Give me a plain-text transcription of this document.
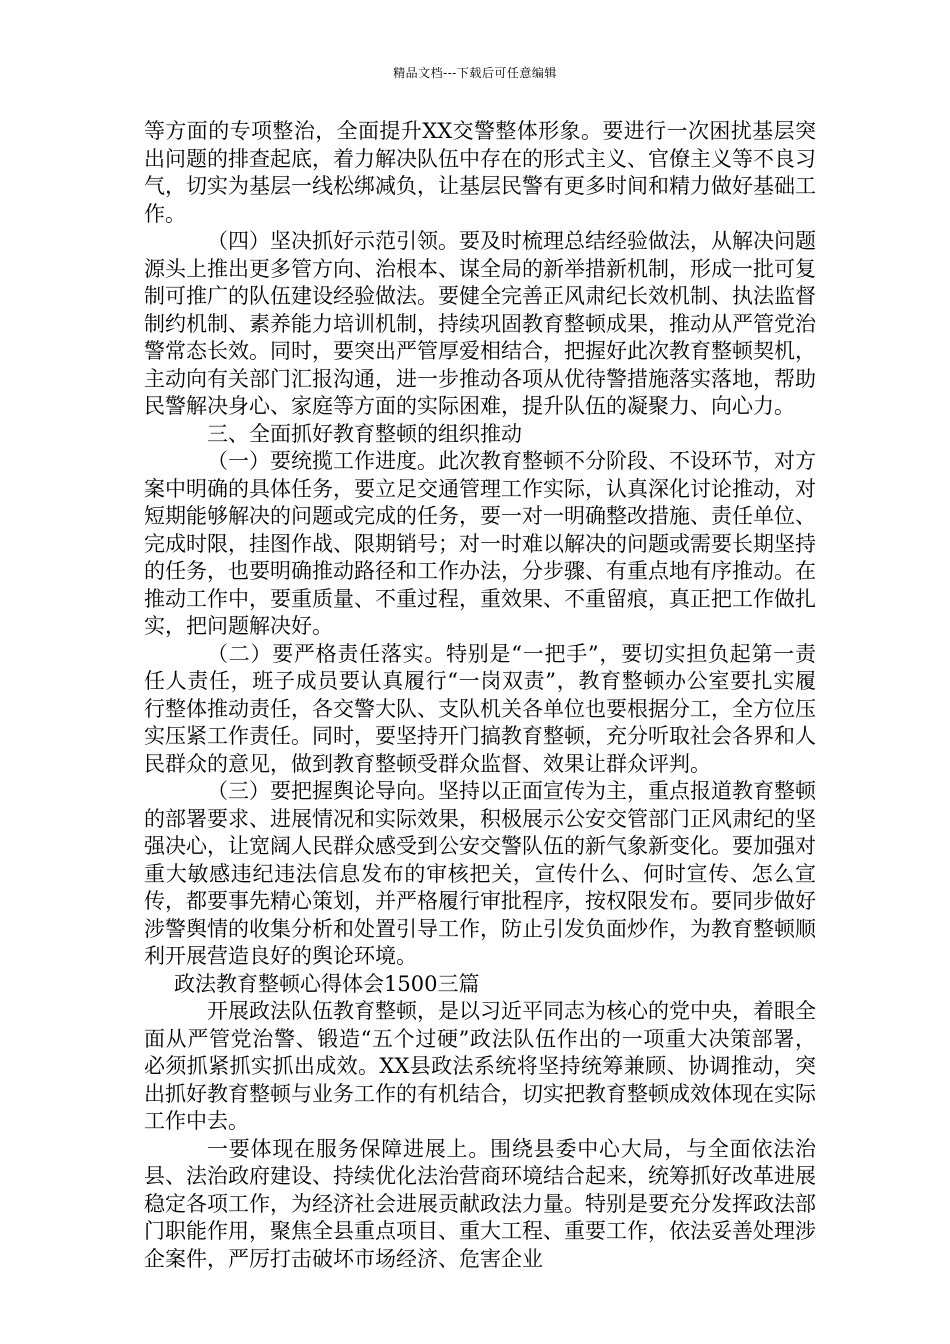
精品文档---下载后可任意编辑

等方面的专项整治，全面提升XX交警整体形象。要进行一次困扰基层突出问题的排查起底，着力解决队伍中存在的形式主义、官僚主义等不良习气，切实为基层一线松绑减负，让基层民警有更多时间和精力做好基础工作。

（四）坚决抓好示范引领。要及时梳理总结经验做法，从解决问题源头上推出更多管方向、治根本、谋全局的新举措新机制，形成一批可复制可推广的队伍建设经验做法。要健全完善正风肃纪长效机制、执法监督制约机制、素养能力培训机制，持续巩固教育整顿成果，推动从严管党治警常态长效。同时，要突出严管厚爱相结合，把握好此次教育整顿契机，主动向有关部门汇报沟通，进一步推动各项从优待警措施落实落地，帮助民警解决身心、家庭等方面的实际困难，提升队伍的凝聚力、向心力。

三、全面抓好教育整顿的组织推动

（一）要统揽工作进度。此次教育整顿不分阶段、不设环节，对方案中明确的具体任务，要立足交通管理工作实际，认真深化讨论推动，对短期能够解决的问题或完成的任务，要一对一明确整改措施、责任单位、完成时限，挂图作战、限期销号；对一时难以解决的问题或需要长期坚持的任务，也要明确推动路径和工作办法，分步骤、有重点地有序推动。在推动工作中，要重质量、不重过程，重效果、不重留痕，真正把工作做扎实，把问题解决好。

（二）要严格责任落实。特别是“一把手”，要切实担负起第一责任人责任，班子成员要认真履行“一岗双责”，教育整顿办公室要扎实履行整体推动责任，各交警大队、支队机关各单位也要根据分工，全方位压实压紧工作责任。同时，要坚持开门搞教育整顿，充分听取社会各界和人民群众的意见，做到教育整顿受群众监督、效果让群众评判。

（三）要把握舆论导向。坚持以正面宣传为主，重点报道教育整顿的部署要求、进展情况和实际效果，积极展示公安交管部门正风肃纪的坚强决心，让宽阔人民群众感受到公安交警队伍的新气象新变化。要加强对重大敏感违纪违法信息发布的审核把关，宣传什么、何时宣传、怎么宣传，都要事先精心策划，并严格履行审批程序，按权限发布。要同步做好涉警舆情的收集分析和处置引导工作，防止引发负面炒作，为教育整顿顺利开展营造良好的舆论环境。

政法教育整顿心得体会1500三篇

开展政法队伍教育整顿，是以习近平同志为核心的党中央，着眼全面从严管党治警、锻造“五个过硬”政法队伍作出的一项重大决策部署，必须抓紧抓实抓出成效。XX县政法系统将坚持统筹兼顾、协调推动，突出抓好教育整顿与业务工作的有机结合，切实把教育整顿成效体现在实际工作中去。

一要体现在服务保障进展上。围绕县委中心大局，与全面依法治县、法治政府建设、持续优化法治营商环境结合起来，统筹抓好改革进展稳定各项工作，为经济社会进展贡献政法力量。特别是要充分发挥政法部门职能作用，聚焦全县重点项目、重大工程、重要工作，依法妥善处理涉企案件，严厉打击破坏市场经济、危害企业
